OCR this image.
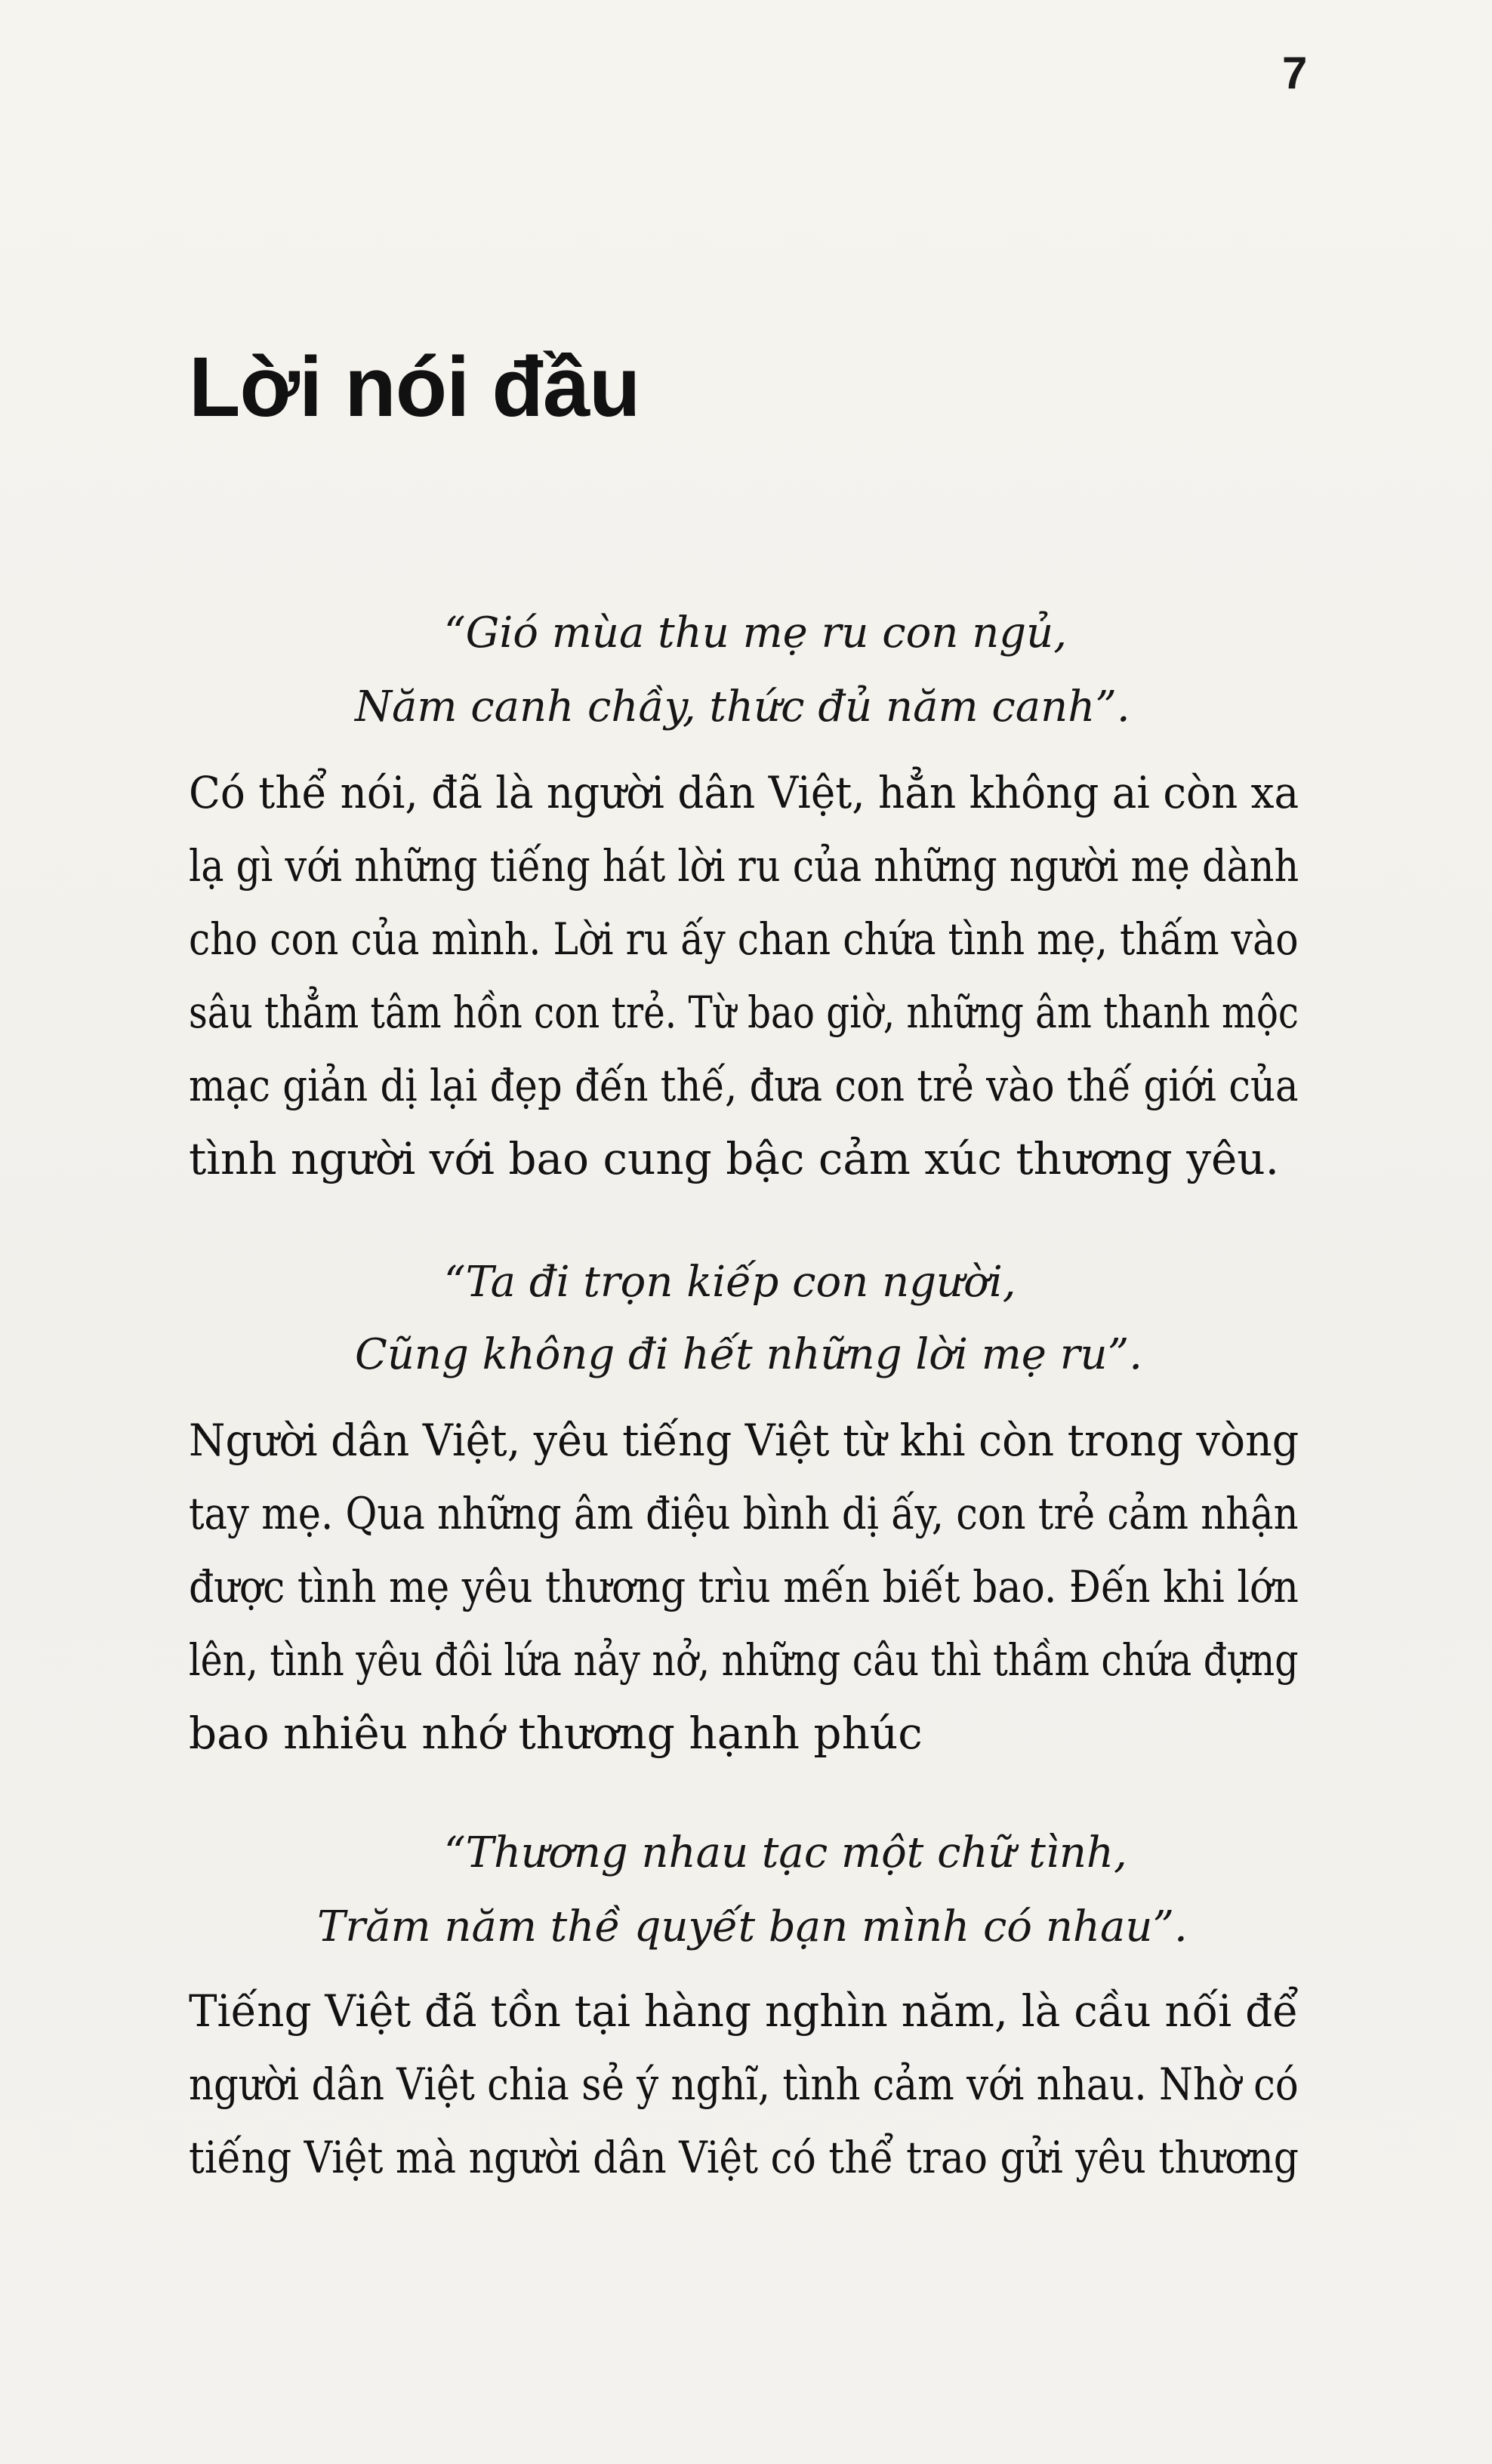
7
Lời nói đầu
“Gió mùa thu mẹ ru con ngủ,
Năm canh chầy, thức đủ năm canh”.
Có thể nói, đã là người dân Việt, hẳn không ai còn xa
lạ gì với những tiếng hát lời ru của những người mẹ dành
cho con của mình. Lời ru ấy chan chứa tình mẹ, thấm vào
sâu thẳm tâm hồn con trẻ. Từ bao giờ, những âm thanh mộc
mạc giản dị lại đẹp đến thế, đưa con trẻ vào thế giới của
tình người với bao cung bậc cảm xúc thương yêu.
“Ta đi trọn kiếp con người,
Cũng không đi hết những lời mẹ ru”.
Người dân Việt, yêu tiếng Việt từ khi còn trong vòng
tay mẹ. Qua những âm điệu bình dị ấy, con trẻ cảm nhận
được tình mẹ yêu thương trìu mến biết bao. Đến khi lớn
lên, tình yêu đôi lứa nảy nở, những câu thì thầm chứa đựng
bao nhiêu nhớ thương hạnh phúc
“Thương nhau tạc một chữ tình,
Trăm năm thề quyết bạn mình có nhau”.
Tiếng Việt đã tồn tại hàng nghìn năm, là cầu nối để
người dân Việt chia sẻ ý nghĩ, tình cảm với nhau. Nhờ có
tiếng Việt mà người dân Việt có thể trao gửi yêu thương
